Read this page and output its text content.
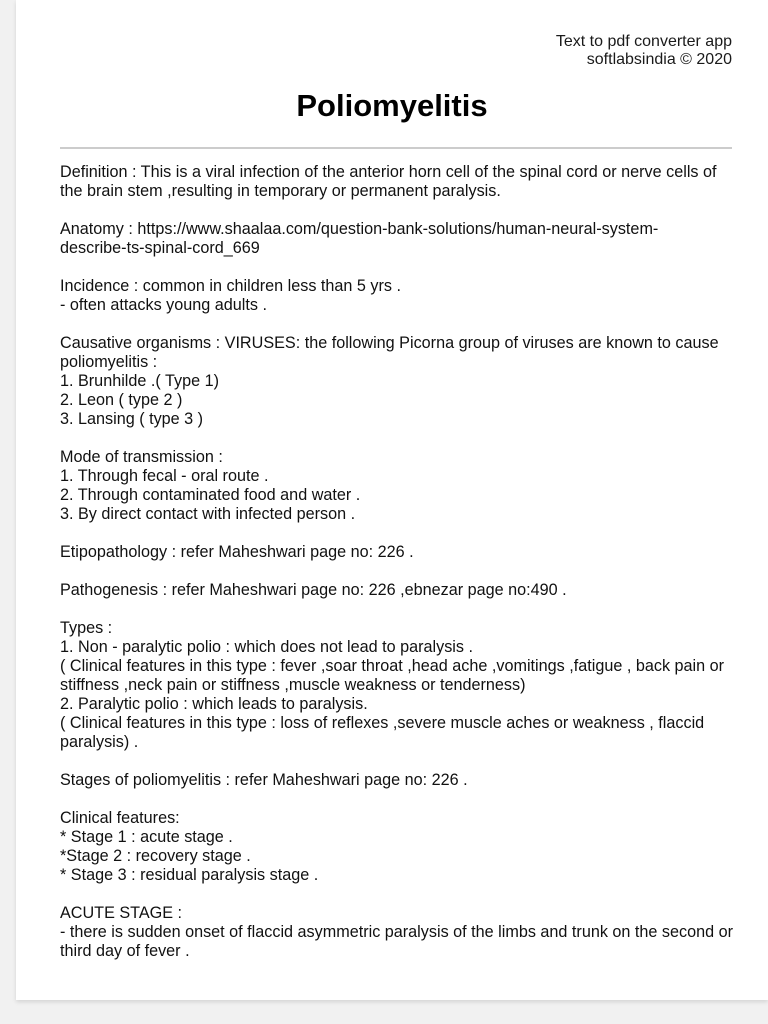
Text to pdf converter app
softlabsindia © 2020
Poliomyelitis
Definition : This is a viral infection of the anterior horn cell of the spinal cord or nerve cells of the brain stem ,resulting in temporary or permanent paralysis.
Anatomy : https://www.shaalaa.com/question-bank-solutions/human-neural-system-
describe-ts-spinal-cord_669
Incidence : common in children less than 5 yrs .
- often attacks young adults .
Causative organisms : VIRUSES: the following Picorna group of viruses are known to cause poliomyelitis :
1. Brunhilde .( Type 1)
2. Leon ( type 2 )
3. Lansing ( type 3 )
Mode of transmission :
1. Through fecal - oral route .
2. Through contaminated food and water .
3. By direct contact with infected person .
Etipopathology : refer Maheshwari page no: 226 .
Pathogenesis : refer Maheshwari page no: 226 ,ebnezar page no:490 .
Types :
1. Non - paralytic polio : which does not lead to paralysis .
( Clinical features in this type : fever ,soar throat ,head ache ,vomitings ,fatigue , back pain or stiffness ,neck pain or stiffness ,muscle weakness or tenderness)
2. Paralytic polio : which leads to paralysis.
( Clinical features in this type : loss of reflexes ,severe muscle aches or weakness , flaccid paralysis) .
Stages of poliomyelitis : refer Maheshwari page no: 226 .
Clinical features:
* Stage 1 : acute stage .
*Stage 2 : recovery stage .
* Stage 3 : residual paralysis stage .
ACUTE STAGE :
- there is sudden onset of flaccid asymmetric paralysis of the limbs and trunk on the second or third day of fever .
